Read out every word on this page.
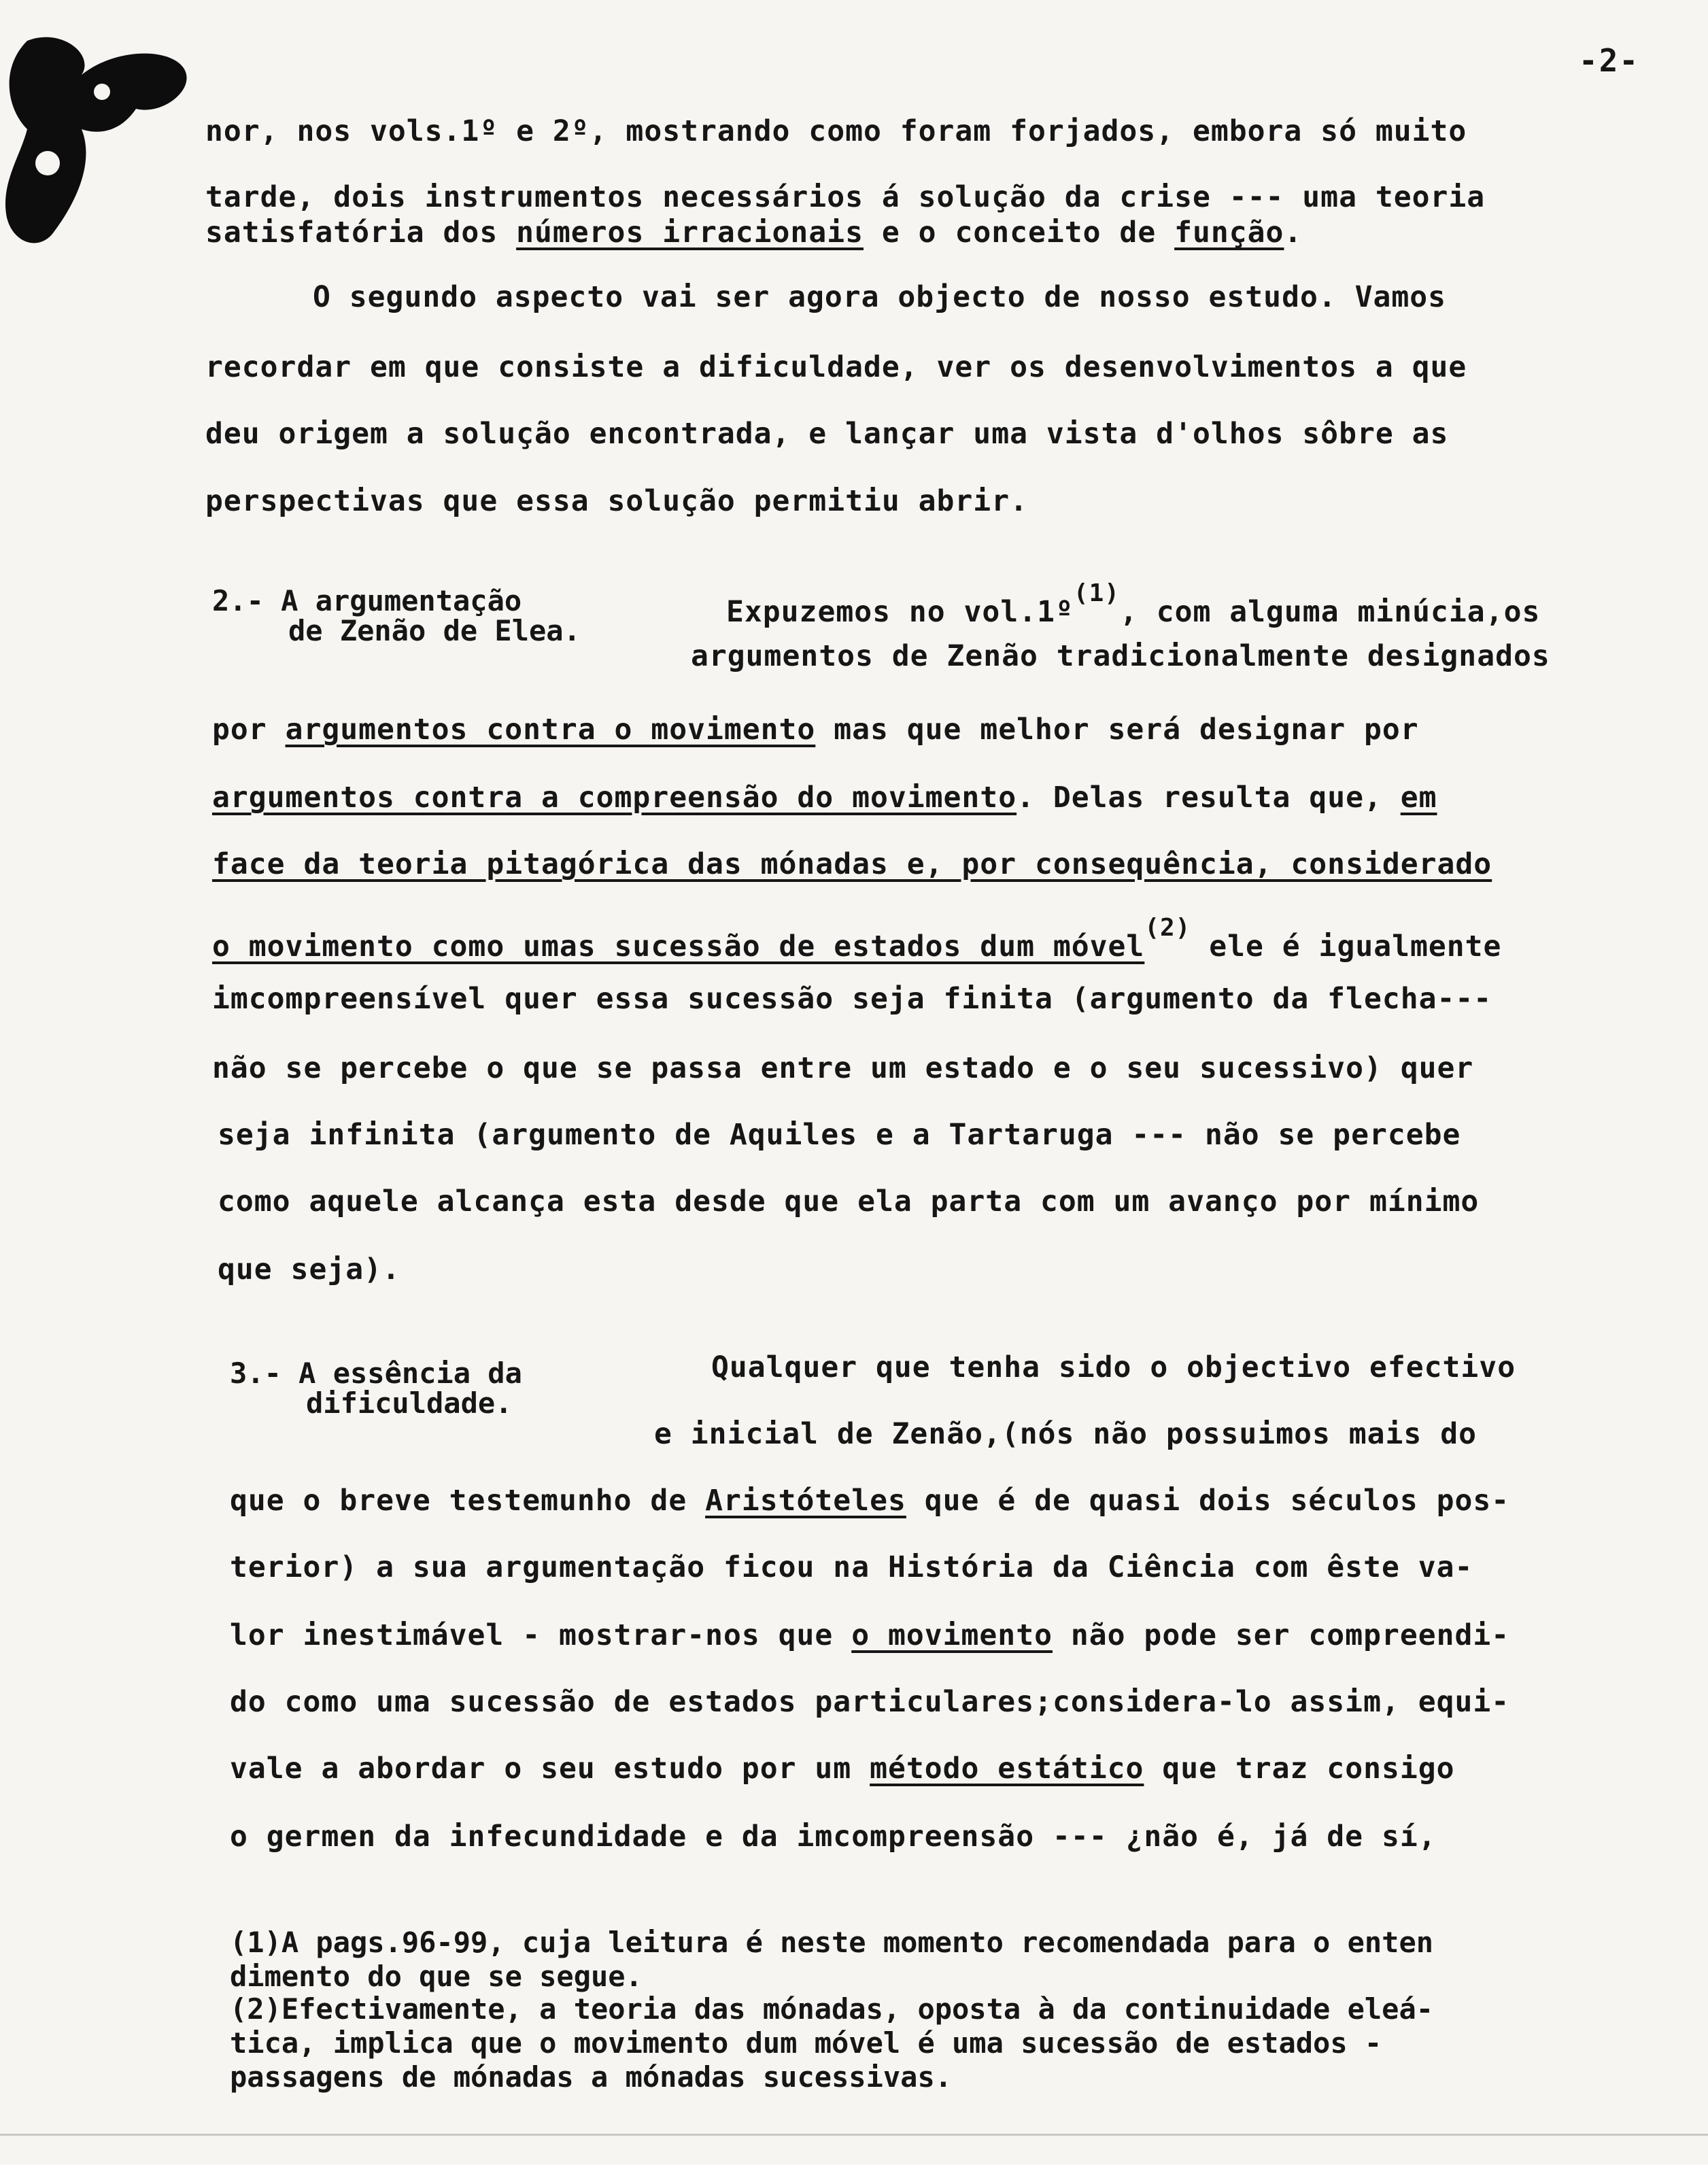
-2-
nor, nos vols.1º e 2º, mostrando como foram forjados, embora só muito
tarde, dois instrumentos necessários á solução da crise --- uma teoria
satisfatória dos números irracionais e o conceito de função.
O segundo aspecto vai ser agora objecto de nosso estudo. Vamos
recordar em que consiste a dificuldade, ver os desenvolvimentos a que
deu origem a solução encontrada, e lançar uma vista d'olhos sôbre as
perspectivas que essa solução permitiu abrir.
2.- A argumentação
de Zenão de Elea.
Expuzemos no vol.1º$^{(1)}$, com alguma minúcia,os
argumentos de Zenão tradicionalmente designados
por argumentos contra o movimento mas que melhor será designar por
argumentos contra a compreensão do movimento. Delas resulta que, em
face da teoria pitagórica das mónadas e, por consequência, considerado
o movimento como umas sucessão de estados dum móvel$^{(2)}$ ele é igualmente
imcompreensível quer essa sucessão seja finita (argumento da flecha---
não se percebe o que se passa entre um estado e o seu sucessivo) quer
seja infinita (argumento de Aquiles e a Tartaruga --- não se percebe
como aquele alcança esta desde que ela parta com um avanço por mínimo
que seja).
3.- A essência da
dificuldade.
Qualquer que tenha sido o objectivo efectivo
e inicial de Zenão,(nós não possuimos mais do
que o breve testemunho de Aristóteles que é de quasi dois séculos pos-
terior) a sua argumentação ficou na História da Ciência com êste va-
lor inestimável - mostrar-nos que o movimento não pode ser compreendi-
do como uma sucessão de estados particulares;considera-lo assim, equi-
vale a abordar o seu estudo por um método estático que traz consigo
o germen da infecundidade e da imcompreensão --- ¿não é, já de sí,
(1)A pags.96-99, cuja leitura é neste momento recomendada para o enten
dimento do que se segue.
(2)Efectivamente, a teoria das mónadas, oposta à da continuidade eleá-
tica, implica que o movimento dum móvel é uma sucessão de estados -
passagens de mónadas a mónadas sucessivas.
